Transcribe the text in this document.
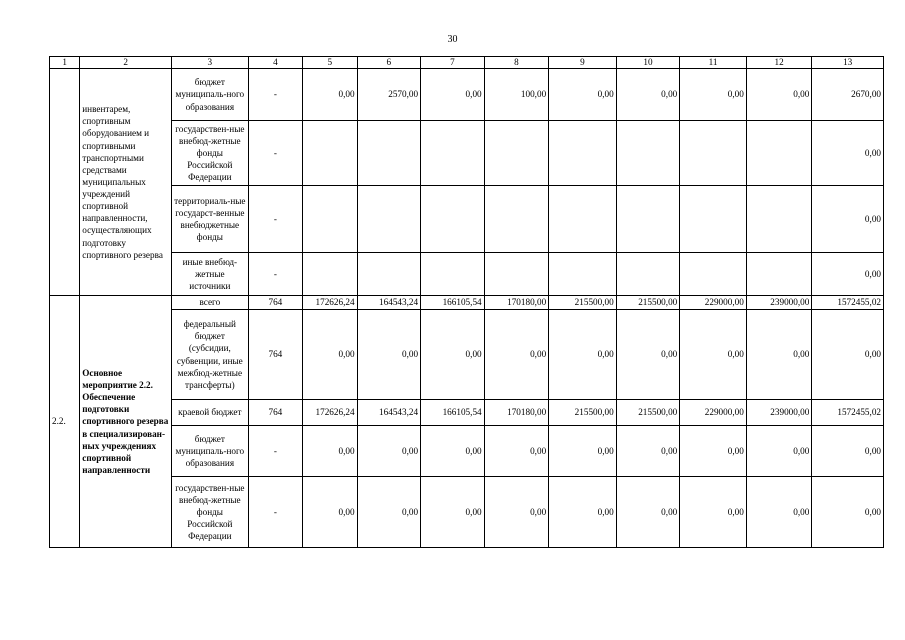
30
1	2	3	4	5	6	7	8	9	10	11	12	13
	инвентарем, спортивным оборудованием и спортивными транспортными средствами муниципальных учреждений спортивной направленности, осуществляющих подготовку спортивного резерва	бюджет муниципаль-ного образования	-	0,00	2570,00	0,00	100,00	0,00	0,00	0,00	0,00	2670,00
		государствен-ные внебюд-жетные фонды Российской Федерации	-									0,00
		территориаль-ные государст-венные внебюджетные фонды	-									0,00
		иные внебюд-жетные источники	-									0,00
2.2.	Основное мероприятие 2.2. Обеспечение подготовки спортивного резерва в специализирован-ных учреждениях спортивной направленности	всего	764	172626,24	164543,24	166105,54	170180,00	215500,00	215500,00	229000,00	239000,00	1572455,02
		федеральный бюджет (субсидии, субвенции, иные межбюд-жетные трансферты)	764	0,00	0,00	0,00	0,00	0,00	0,00	0,00	0,00	0,00
		краевой бюджет	764	172626,24	164543,24	166105,54	170180,00	215500,00	215500,00	229000,00	239000,00	1572455,02
		бюджет муниципаль-ного образования	-	0,00	0,00	0,00	0,00	0,00	0,00	0,00	0,00	0,00
		государствен-ные внебюд-жетные фонды Российской Федерации	-	0,00	0,00	0,00	0,00	0,00	0,00	0,00	0,00	0,00
